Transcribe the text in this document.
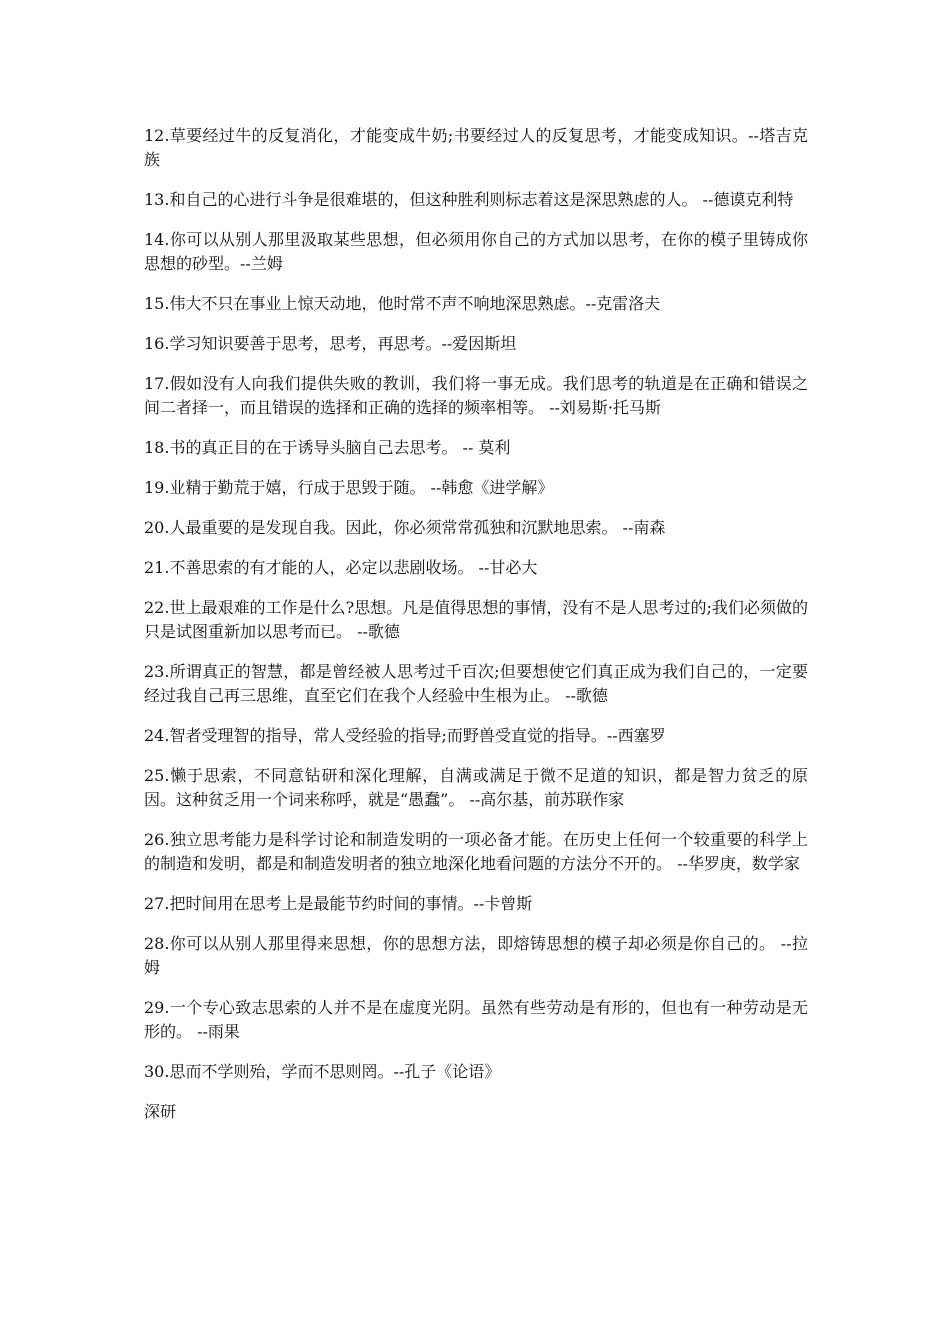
12.草要经过牛的反复消化，才能变成牛奶;书要经过人的反复思考，才能变成知识。--塔吉克族

13.和自己的心进行斗争是很难堪的，但这种胜利则标志着这是深思熟虑的人。 --德谟克利特

14.你可以从别人那里汲取某些思想，但必须用你自己的方式加以思考，在你的模子里铸成你思想的砂型。--兰姆

15.伟大不只在事业上惊天动地，他时常不声不响地深思熟虑。--克雷洛夫

16.学习知识要善于思考，思考，再思考。--爱因斯坦

17.假如没有人向我们提供失败的教训，我们将一事无成。我们思考的轨道是在正确和错误之间二者择一，而且错误的选择和正确的选择的频率相等。 --刘易斯·托马斯

18.书的真正目的在于诱导头脑自己去思考。 -- 莫利

19.业精于勤荒于嬉，行成于思毁于随。 --韩愈《进学解》

20.人最重要的是发现自我。因此，你必须常常孤独和沉默地思索。 --南森

21.不善思索的有才能的人，必定以悲剧收场。 --甘必大

22.世上最艰难的工作是什么?思想。凡是值得思想的事情，没有不是人思考过的;我们必须做的只是试图重新加以思考而已。 --歌德

23.所谓真正的智慧，都是曾经被人思考过千百次;但要想使它们真正成为我们自己的，一定要经过我自己再三思维，直至它们在我个人经验中生根为止。 --歌德

24.智者受理智的指导，常人受经验的指导;而野兽受直觉的指导。--西塞罗

25.懒于思索，不同意钻研和深化理解，自满或满足于微不足道的知识，都是智力贫乏的原因。这种贫乏用一个词来称呼，就是“愚蠢”。 --高尔基，前苏联作家

26.独立思考能力是科学讨论和制造发明的一项必备才能。在历史上任何一个较重要的科学上的制造和发明，都是和制造发明者的独立地深化地看问题的方法分不开的。 --华罗庚，数学家

27.把时间用在思考上是最能节约时间的事情。--卡曾斯

28.你可以从别人那里得来思想，你的思想方法，即熔铸思想的模子却必须是你自己的。 --拉姆

29.一个专心致志思索的人并不是在虚度光阴。虽然有些劳动是有形的，但也有一种劳动是无形的。 --雨果

30.思而不学则殆，学而不思则罔。--孔子《论语》

深研
